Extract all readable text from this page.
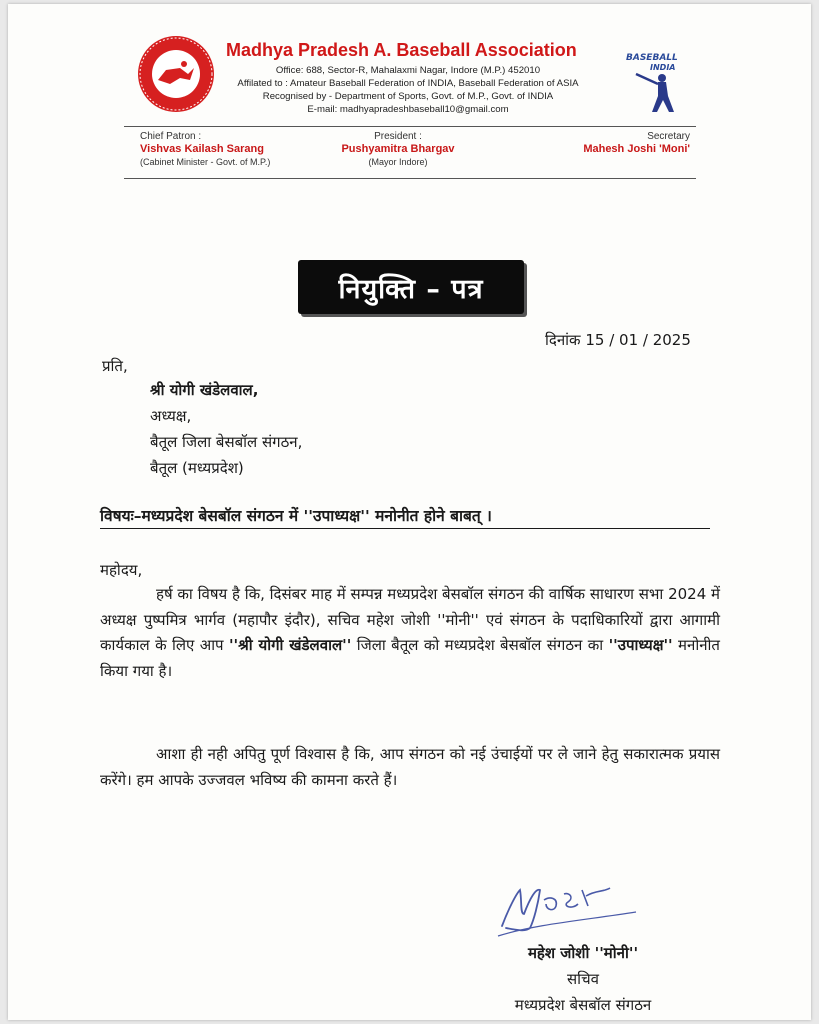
Madhya Pradesh A. Baseball Association
Office: 688, Sector-R, Mahalaxmi Nagar, Indore (M.P.) 452010
Affilated to : Amateur Baseball Federation of INDIA, Baseball Federation of ASIA
Recognised by - Department of Sports, Govt. of M.P., Govt. of INDIA
E-mail: madhyapradeshbaseball10@gmail.com
BASEBALL
INDIA
Chief Patron :
Vishvas Kailash Sarang
(Cabinet Minister - Govt. of M.P.)
President :
Pushyamitra Bhargav
(Mayor Indore)
Secretary
Mahesh Joshi 'Moni'
नियुक्ति – पत्र
दिनांक 15 / 01 / 2025
प्रति,
श्री योगी खंडेलवाल,
अध्यक्ष,
बैतूल जिला बेसबॉल संगठन,
बैतूल (मध्यप्रदेश)
विषयः–मध्यप्रदेश बेसबॉल संगठन में ''उपाध्यक्ष'' मनोनीत होने बाबत् ।
महोदय,

हर्ष का विषय है कि, दिसंबर माह में सम्पन्न मध्यप्रदेश बेसबॉल संगठन की वार्षिक साधारण सभा 2024 में अध्यक्ष पुष्पमित्र भार्गव (महापौर इंदौर), सचिव महेश जोशी ''मोनी'' एवं संगठन के पदाधिकारियों द्वारा आगामी कार्यकाल के लिए आप ''श्री योगी खंडेलवाल'' जिला बैतूल को मध्यप्रदेश बेसबॉल संगठन का ''उपाध्यक्ष'' मनोनीत किया गया है।

आशा ही नही अपितु पूर्ण विश्वास है कि, आप संगठन को नई उंचाईयों पर ले जाने हेतु सकारात्मक प्रयास करेंगे। हम आपके उज्जवल भविष्य की कामना करते हैं।

महेश जोशी ''मोनी''
सचिव
मध्यप्रदेश बेसबॉल संगठन
